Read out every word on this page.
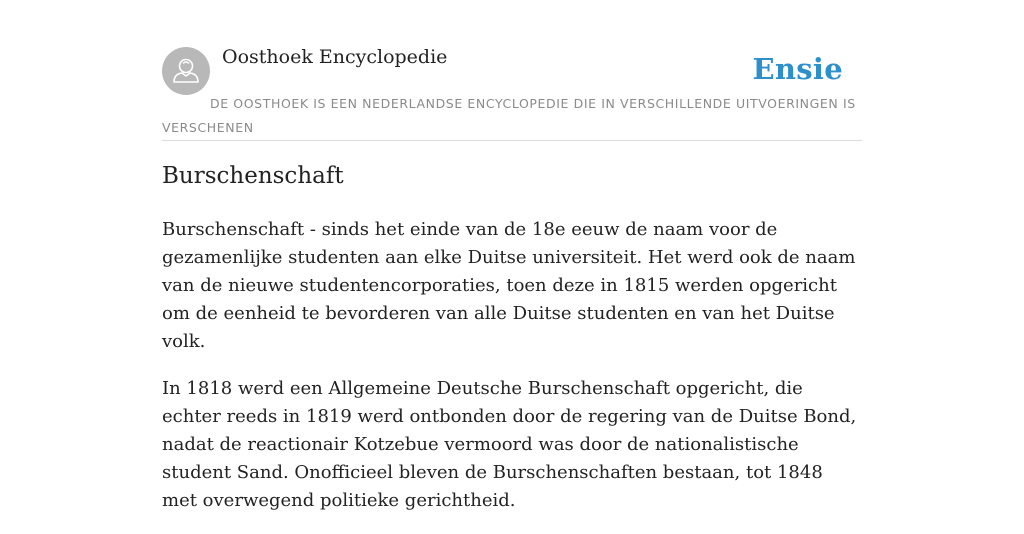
Oosthoek Encyclopedie	Ensie
DE OOSTHOEK IS EEN NEDERLANDSE ENCYCLOPEDIE DIE IN VERSCHILLENDE UITVOERINGEN IS VERSCHENEN
Burschenschaft

Burschenschaft - sinds het einde van de 18e eeuw de naam voor de gezamenlijke studenten aan elke Duitse universiteit. Het werd ook de naam van de nieuwe studentencorporaties, toen deze in 1815 werden opgericht om de eenheid te bevorderen van alle Duitse studenten en van het Duitse volk.

In 1818 werd een Allgemeine Deutsche Burschenschaft opgericht, die echter reeds in 1819 werd ontbonden door de regering van de Duitse Bond, nadat de reactionair Kotzebue vermoord was door de nationalistische student Sand. Onofficieel bleven de Burschenschaften bestaan, tot 1848 met overwegend politieke gerichtheid.
